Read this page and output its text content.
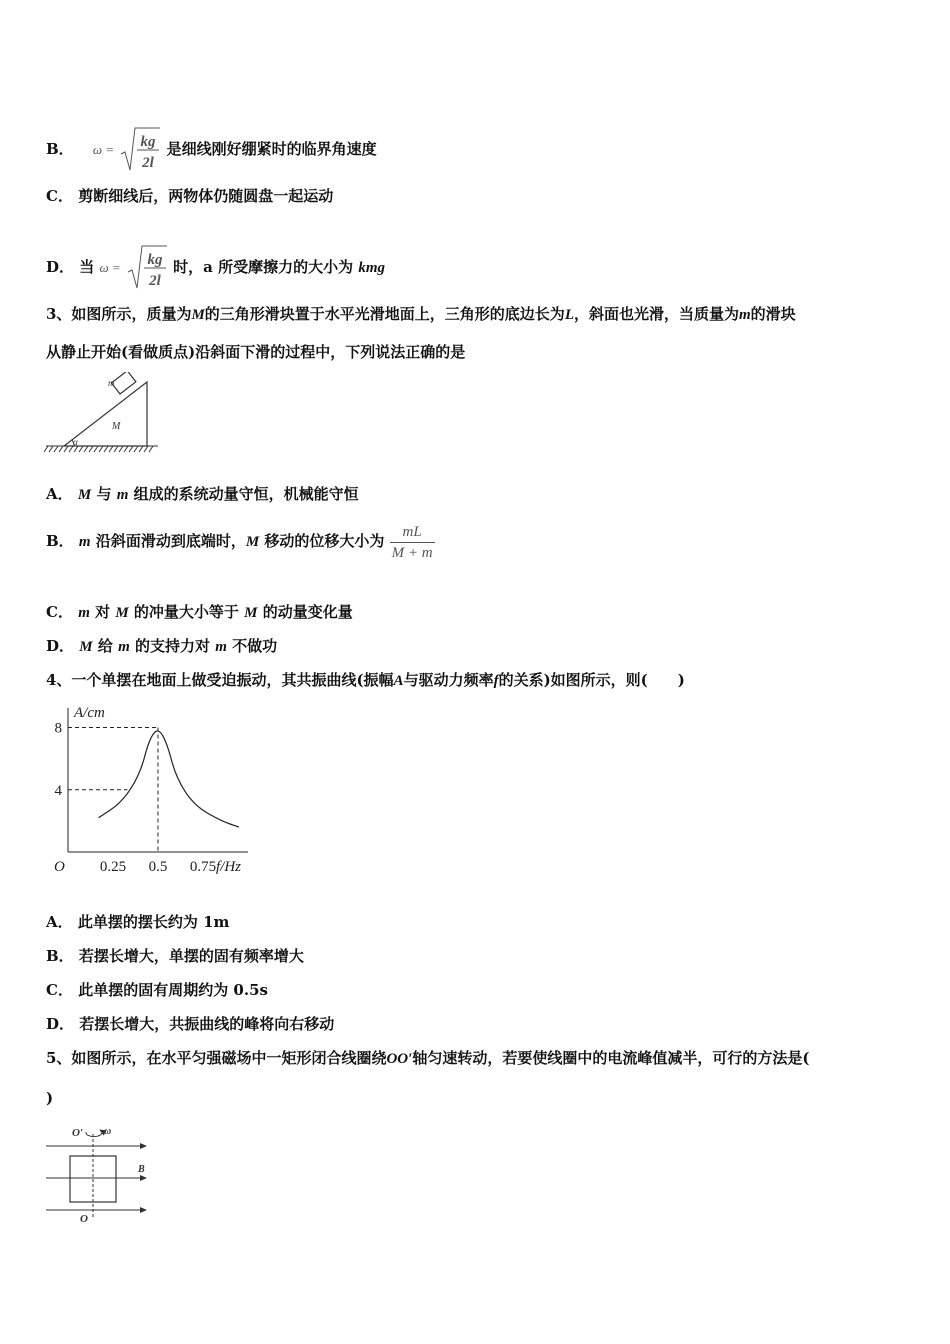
B． ω = kg
2l
是细线刚好绷紧时的临界角速度
C． 剪断细线后，两物体仍随圆盘一起运动
D． 当 ω = kg
2l
时，a 所受摩擦力的大小为 kmg
3、如图所示，质量为M的三角形滑块置于水平光滑地面上，三角形的底边长为L，斜面也光滑，当质量为m的滑块
从静止开始(看做质点)沿斜面下滑的过程中，下列说法正确的是
m
M
α
A． M 与 m 组成的系统动量守恒，机械能守恒
B． m 沿斜面滑动到底端时，M 移动的位移大小为 $\frac{mL}{M + m}$
C． m 对 M 的冲量大小等于 M 的动量变化量
D． M 给 m 的支持力对 m 不做功
4、一个单摆在地面上做受迫振动，其共振曲线(振幅A与驱动力频率f的关系)如图所示，则(　　)
0.25 0.5 0.75
4
8
A/cm
f/Hz
O
A． 此单摆的摆长约为 1m
B． 若摆长增大，单摆的固有频率增大
C． 此单摆的固有周期约为 0.5s
D． 若摆长增大，共振曲线的峰将向右移动
5、如图所示，在水平匀强磁场中一矩形闭合线圈绕OO′轴匀速转动，若要使线圈中的电流峰值减半，可行的方法是(
)
O′ ω
B
O
